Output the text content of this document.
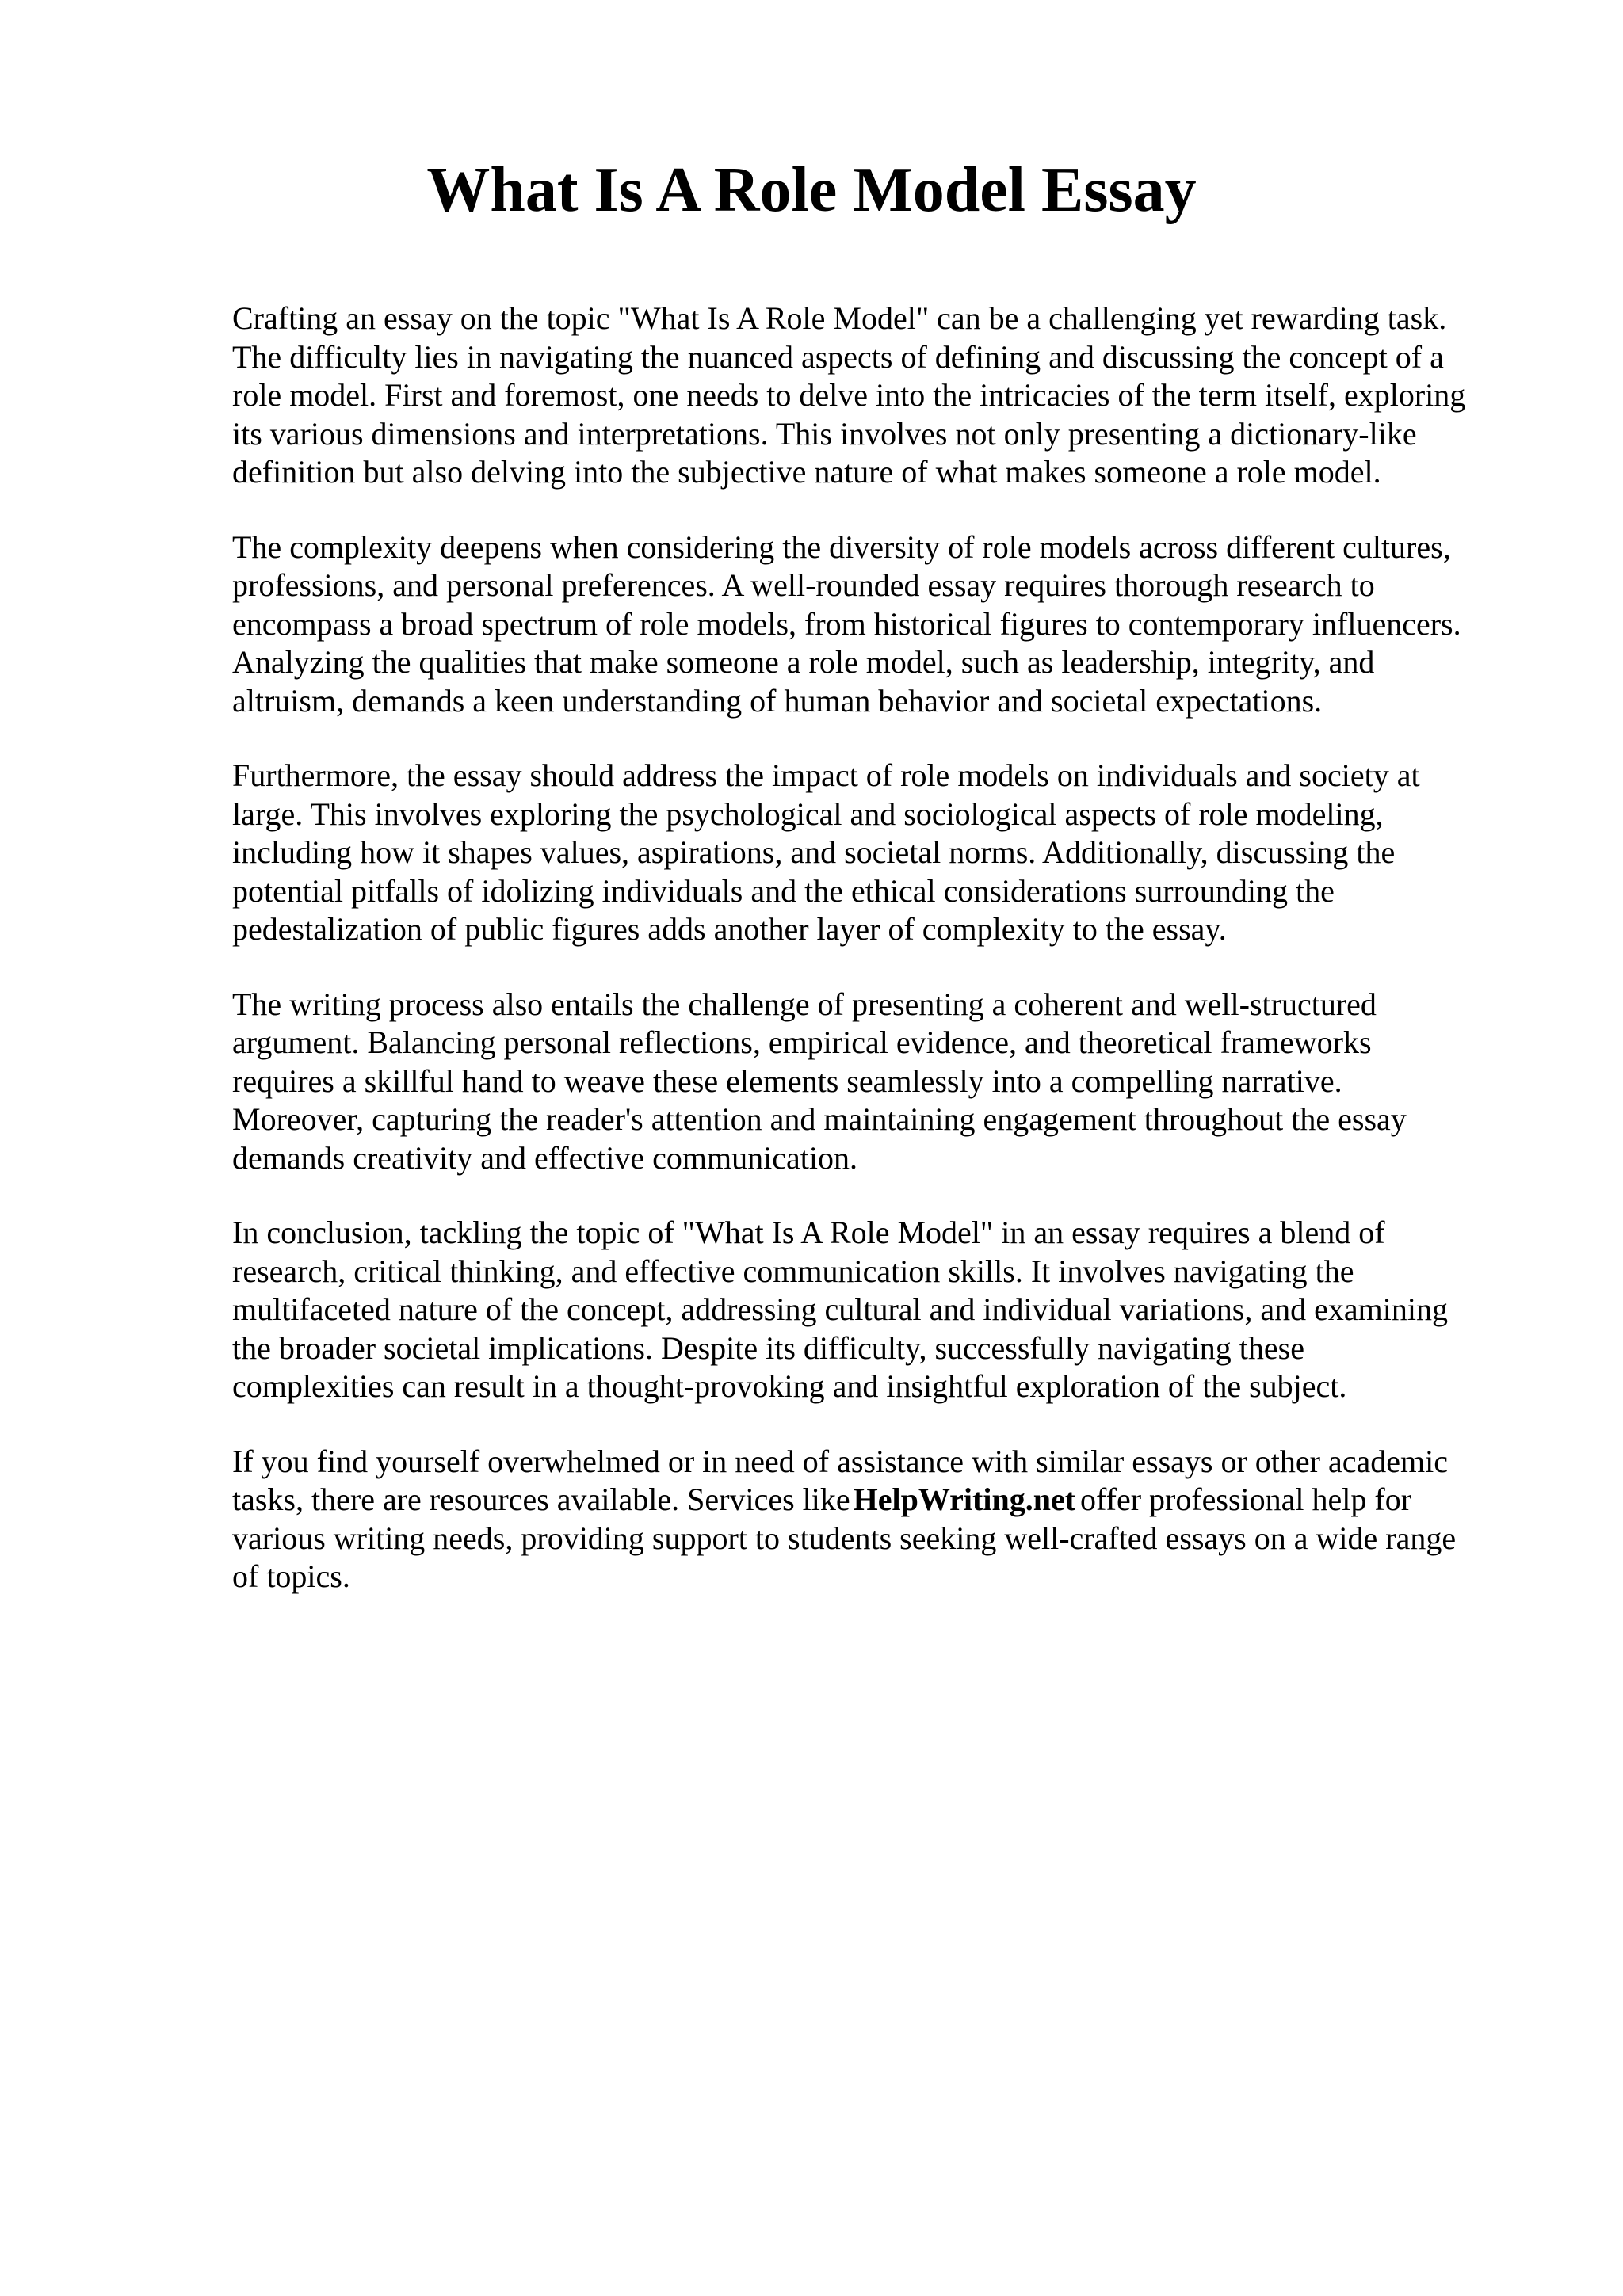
What Is A Role Model Essay

Crafting an essay on the topic "What Is A Role Model" can be a challenging yet rewarding task.
The difficulty lies in navigating the nuanced aspects of defining and discussing the concept of a
role model. First and foremost, one needs to delve into the intricacies of the term itself, exploring
its various dimensions and interpretations. This involves not only presenting a dictionary-like
definition but also delving into the subjective nature of what makes someone a role model.

The complexity deepens when considering the diversity of role models across different cultures,
professions, and personal preferences. A well-rounded essay requires thorough research to
encompass a broad spectrum of role models, from historical figures to contemporary influencers.
Analyzing the qualities that make someone a role model, such as leadership, integrity, and
altruism, demands a keen understanding of human behavior and societal expectations.

Furthermore, the essay should address the impact of role models on individuals and society at
large. This involves exploring the psychological and sociological aspects of role modeling,
including how it shapes values, aspirations, and societal norms. Additionally, discussing the
potential pitfalls of idolizing individuals and the ethical considerations surrounding the
pedestalization of public figures adds another layer of complexity to the essay.

The writing process also entails the challenge of presenting a coherent and well-structured
argument. Balancing personal reflections, empirical evidence, and theoretical frameworks
requires a skillful hand to weave these elements seamlessly into a compelling narrative.
Moreover, capturing the reader's attention and maintaining engagement throughout the essay
demands creativity and effective communication.

In conclusion, tackling the topic of "What Is A Role Model" in an essay requires a blend of
research, critical thinking, and effective communication skills. It involves navigating the
multifaceted nature of the concept, addressing cultural and individual variations, and examining
the broader societal implications. Despite its difficulty, successfully navigating these
complexities can result in a thought-provoking and insightful exploration of the subject.

If you find yourself overwhelmed or in need of assistance with similar essays or other academic
tasks, there are resources available. Services like HelpWriting.net offer professional help for
various writing needs, providing support to students seeking well-crafted essays on a wide range
of topics.
